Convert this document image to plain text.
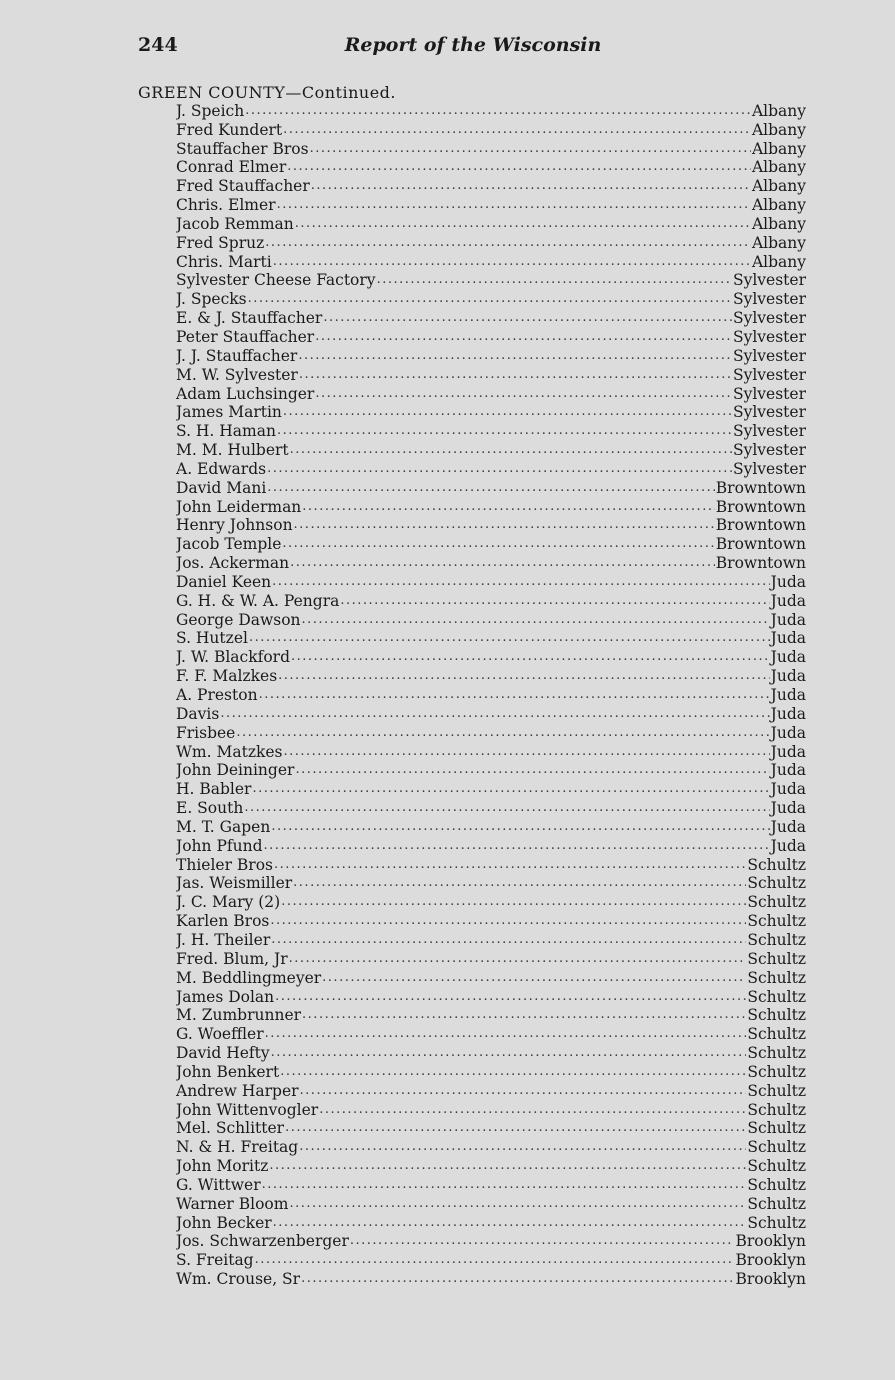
244	Report of the Wisconsin
GREEN COUNTY—Continued.
J. Speich .....	Albany
Fred Kundert .....	Albany
Stauffacher Bros .....	Albany
Conrad Elmer .....	Albany
Fred Stauffacher .....	Albany
Chris. Elmer .....	Albany
Jacob Remman .....	Albany
Fred Spruz .....	Albany
Chris. Marti .....	Albany
Sylvester Cheese Factory .....	Sylvester
J. Specks .....	Sylvester
E. & J. Stauffacher .....	Sylvester
Peter Stauffacher .....	Sylvester
J. J. Stauffacher .....	Sylvester
M. W. Sylvester .....	Sylvester
Adam Luchsinger .....	Sylvester
James Martin .....	Sylvester
S. H. Haman .....	Sylvester
M. M. Hulbert .....	Sylvester
A. Edwards .....	Sylvester
David Mani .....	Browntown
John Leiderman .....	Browntown
Henry Johnson .....	Browntown
Jacob Temple .....	Browntown
Jos. Ackerman .....	Browntown
Daniel Keen .....	Juda
G. H. & W. A. Pengra .....	Juda
George Dawson .....	Juda
S. Hutzel .....	Juda
J. W. Blackford .....	Juda
F. F. Malzkes .....	Juda
A. Preston .....	Juda
Davis .....	Juda
Frisbee .....	Juda
Wm. Matzkes .....	Juda
John Deininger .....	Juda
H. Babler .....	Juda
E. South .....	Juda
M. T. Gapen .....	Juda
John Pfund .....	Juda
Thieler Bros .....	Schultz
Jas. Weismiller .....	Schultz
J. C. Mary (2) .....	Schultz
Karlen Bros .....	Schultz
J. H. Theiler .....	Schultz
Fred. Blum, Jr .....	Schultz
M. Beddlingmeyer .....	Schultz
James Dolan .....	Schultz
M. Zumbrunner .....	Schultz
G. Woeffler .....	Schultz
David Hefty .....	Schultz
John Benkert .....	Schultz
Andrew Harper .....	Schultz
John Wittenvogler .....	Schultz
Mel. Schlitter .....	Schultz
N. & H. Freitag .....	Schultz
John Moritz .....	Schultz
G. Wittwer .....	Schultz
Warner Bloom .....	Schultz
John Becker .....	Schultz
Jos. Schwarzenberger .....	Brooklyn
S. Freitag .....	Brooklyn
Wm. Crouse, Sr .....	Brooklyn
